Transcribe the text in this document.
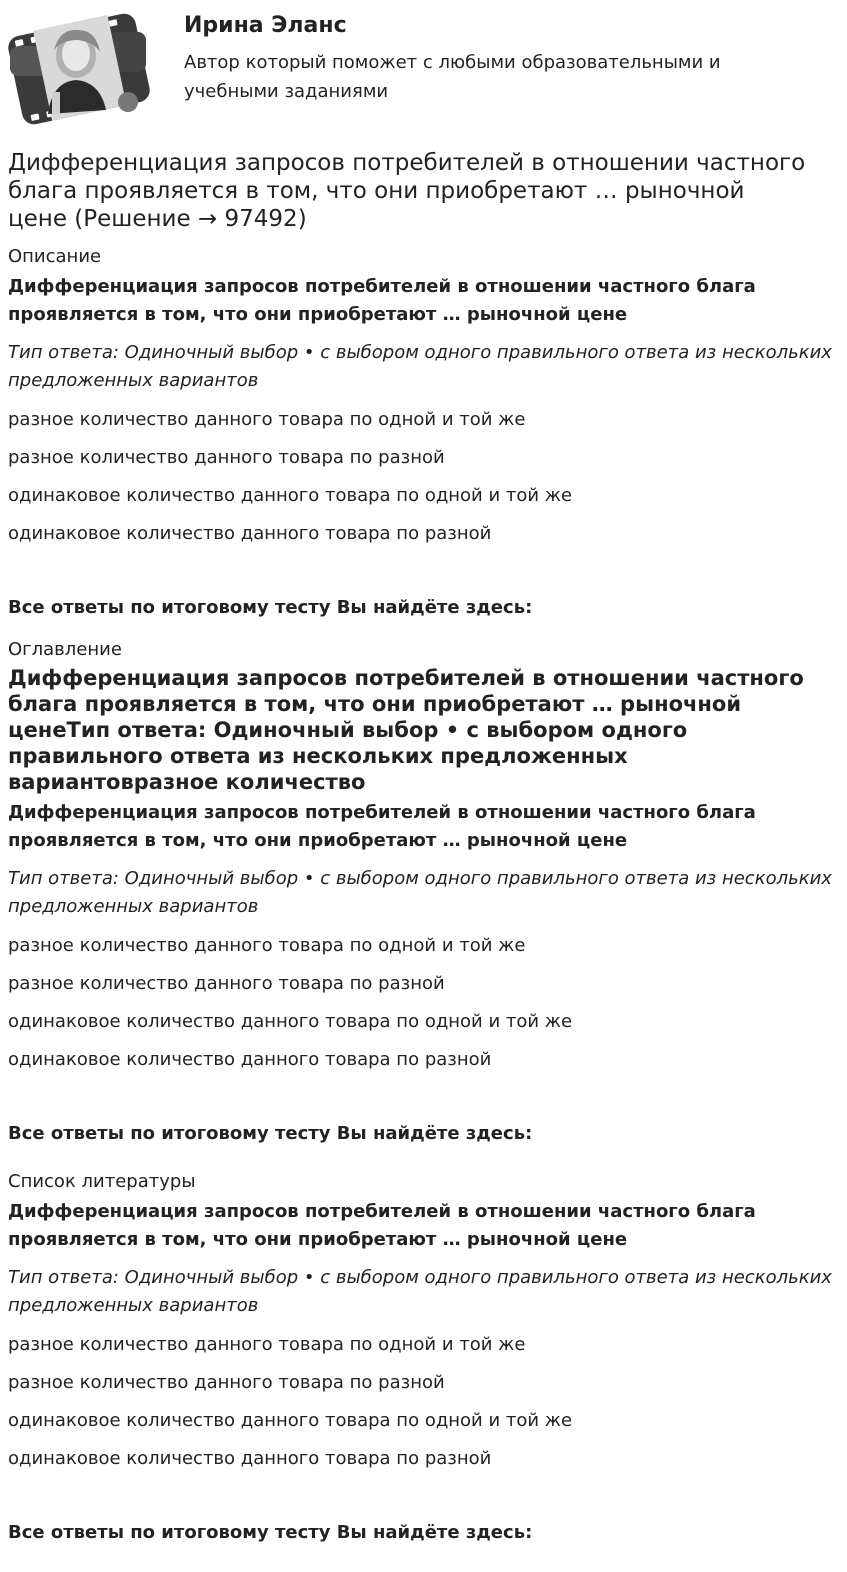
Ирина Эланс
Автор который поможет с любыми образовательными и учебными заданиями
Дифференциация запросов потребителей в отношении частного блага проявляется в том, что они приобретают … рыночной цене (Решение → 97492)
Описание
Дифференциация запросов потребителей в отношении частного блага проявляется в том, что они приобретают … рыночной цене
Тип ответа: Одиночный выбор • с выбором одного правильного ответа из нескольких предложенных вариантов
разное количество данного товара по одной и той же
разное количество данного товара по разной
одинаковое количество данного товара по одной и той же
одинаковое количество данного товара по разной
Все ответы по итоговому тесту Вы найдёте здесь:
Оглавление
Дифференциация запросов потребителей в отношении частного блага проявляется в том, что они приобретают … рыночной ценеТип ответа: Одиночный выбор • с выбором одного правильного ответа из нескольких предложенных вариантовразное количество
Дифференциация запросов потребителей в отношении частного блага проявляется в том, что они приобретают … рыночной цене
Тип ответа: Одиночный выбор • с выбором одного правильного ответа из нескольких предложенных вариантов
разное количество данного товара по одной и той же
разное количество данного товара по разной
одинаковое количество данного товара по одной и той же
одинаковое количество данного товара по разной
Все ответы по итоговому тесту Вы найдёте здесь:
Список литературы
Дифференциация запросов потребителей в отношении частного блага проявляется в том, что они приобретают … рыночной цене
Тип ответа: Одиночный выбор • с выбором одного правильного ответа из нескольких предложенных вариантов
разное количество данного товара по одной и той же
разное количество данного товара по разной
одинаковое количество данного товара по одной и той же
одинаковое количество данного товара по разной
Все ответы по итоговому тесту Вы найдёте здесь:
